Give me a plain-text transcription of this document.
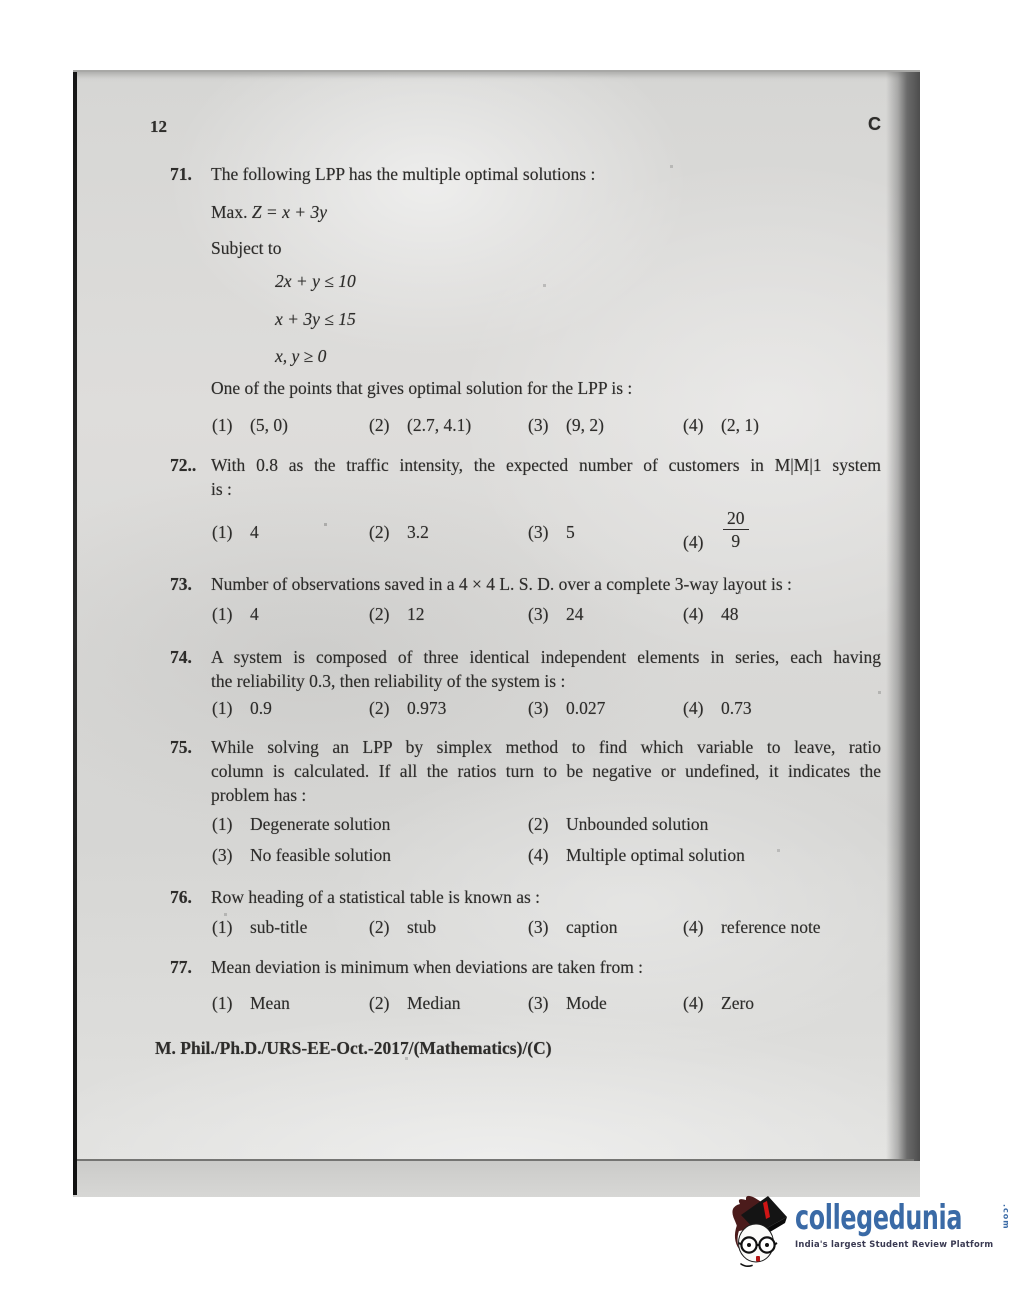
12	C
71. The following LPP has the multiple optimal solutions :
Max. Z = x + 3y
Subject to
2x + y ≤ 10
x + 3y ≤ 15
x, y ≥ 0
One of the points that gives optimal solution for the LPP is :
(1) (5, 0)	(2) (2.7, 4.1)	(3) (9, 2)	(4) (2, 1)
72.. With 0.8 as the traffic intensity, the expected number of customers in M|M|1 system
is :
(1) 4	(2) 3.2	(3) 5	$(4) \frac{20}{9}$
73. Number of observations saved in a 4 × 4 L. S. D. over a complete 3-way layout is :
(1) 4	(2) 12	(3) 24	(4) 48
74. A system is composed of three identical independent elements in series, each having
the reliability 0.3, then reliability of the system is :
(1) 0.9	(2) 0.973	(3) 0.027	(4) 0.73
75. While solving an LPP by simplex method to find which variable to leave, ratio
column is calculated. If all the ratios turn to be negative or undefined, it indicates the
problem has :
(1) Degenerate solution	(2) Unbounded solution
(3) No feasible solution	(4) Multiple optimal solution
76. Row heading of a statistical table is known as :
(1) sub-title	(2) stub	(3) caption	(4) reference note
77. Mean deviation is minimum when deviations are taken from :
(1) Mean	(2) Median	(3) Mode	(4) Zero
M. Phil./Ph.D./URS-EE-Oct.-2017/(Mathematics)/(C)
collegedunia	.com
India's largest Student Review Platform
